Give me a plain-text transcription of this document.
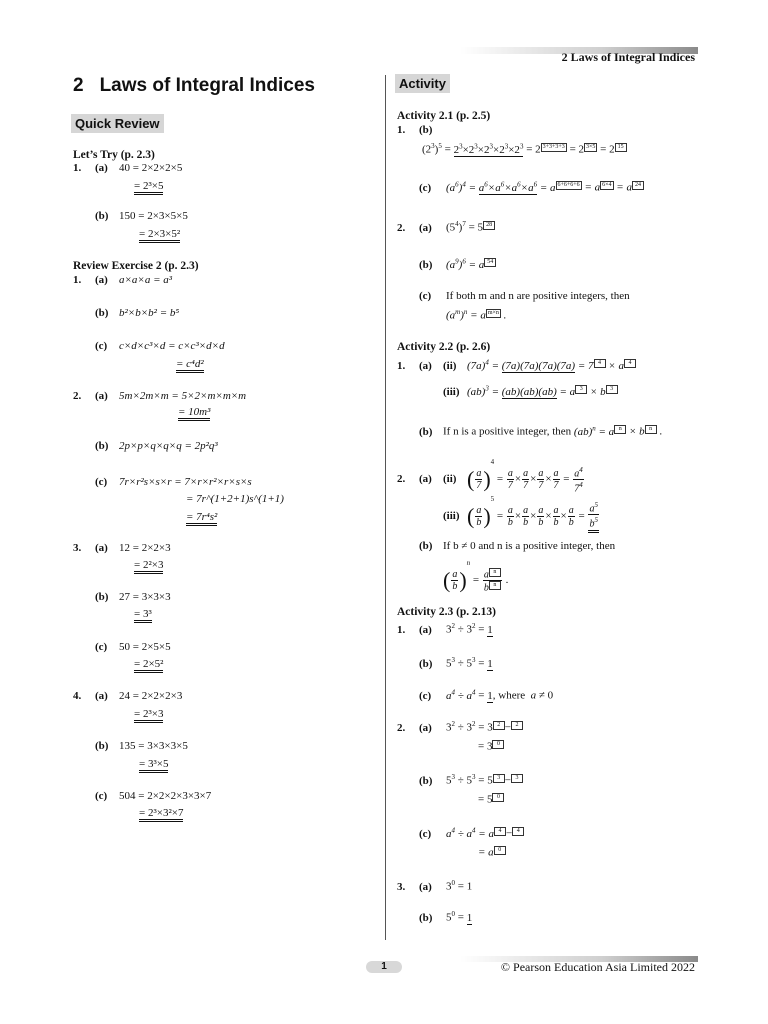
2 Laws of Integral Indices
2 Laws of Integral Indices
Quick Review
Let’s Try (p. 2.3)
1. (a) 40 = 2×2×2×5
= 2³×5
(b) 150 = 2×3×5×5
= 2×3×5²
Review Exercise 2 (p. 2.3)
1. (a) a×a×a = a³
(b) b²×b×b² = b⁵
(c) c×d×c³×d = c×c³×d×d
= c⁴d²
2. (a) 5m×2m×m = 5×2×m×m×m
= 10m³
(b) 2p×p×q×q×q = 2p²q³
(c) 7r×r²s×s×r = 7×r×r²×r×s×s
= 7r^(1+2+1)s^(1+1)
= 7r⁴s²
3. (a) 12 = 2×2×3
= 2²×3
(b) 27 = 3×3×3
= 3³
(c) 50 = 2×5×5
= 2×5²
4. (a) 24 = 2×2×2×3
= 2³×3
(b) 135 = 3×3×3×5
= 3³×5
(c) 504 = 2×2×2×3×3×7
= 2³×3²×7
Activity
Activity 2.1 (p. 2.5)
1. (b)
$(2^3)^5 = 2^3\times 2^3\times 2^3\times 2^3\times 2^3 = 2$ 3+3+3+3 = 2 3×5 = 2 15
(c) $(a^6)^4 = a^6\times a^6\times a^6\times a^6 = a$ 6+6+6+6 = a 6×4 = a 24
2. (a) $(5^4)^7 = 5$ 28
(b) $(a^9)^6 = a$ 54
(c) If both m and n are positive integers, then
$(a^m)^n = a$ m×n .
Activity 2.2 (p. 2.6)
1. (a) (ii) $(7a)^4 = (7a)(7a)(7a)(7a) = 7$ 4 × a 4
(iii) (ab)$^3$ = (ab)(ab)(ab) = a 3 × b 3
(b) If n is a positive integer, then (ab)$^n$ = a n × b n .
2. (a) (ii) ( $\frac{a}{7} )^4 = \frac{a}{7} \times \frac{a}{7} \times \frac{a}{7} \times \frac{a}{7} = \frac{a^4}{7^4}$
(iii) ( $\frac{a}{b} )^5 = \frac{a}{b} \times \frac{a}{b} \times \frac{a}{b} \times \frac{a}{b} \times \frac{a}{b} = \frac{a^5}{b^5}$
(b) If b ≠ 0 and n is a positive integer, then
( $\frac{a}{b} )^n = \frac{\text{a n}}{\text{b n}}$ .
Activity 2.3 (p. 2.13)
1. (a) $3^2 \div 3^2 = 1$
(b) $5^3 \div 5^3 = 1$
(c) $a^4 \div a^4 = 1$, where a ≠ 0
2. (a) $3^2 \div 3^2 = 3$ 2 − 2
= 3 0
(b) $5^3 \div 5^3 = 5$ 3 − 3
= 5 0
(c) $a^4 \div a^4 = a$ 4 − 4
= a 0
3. (a) $3^0 = 1$
(b) $5^0 = 1$
1	© Pearson Education Asia Limited 2022
